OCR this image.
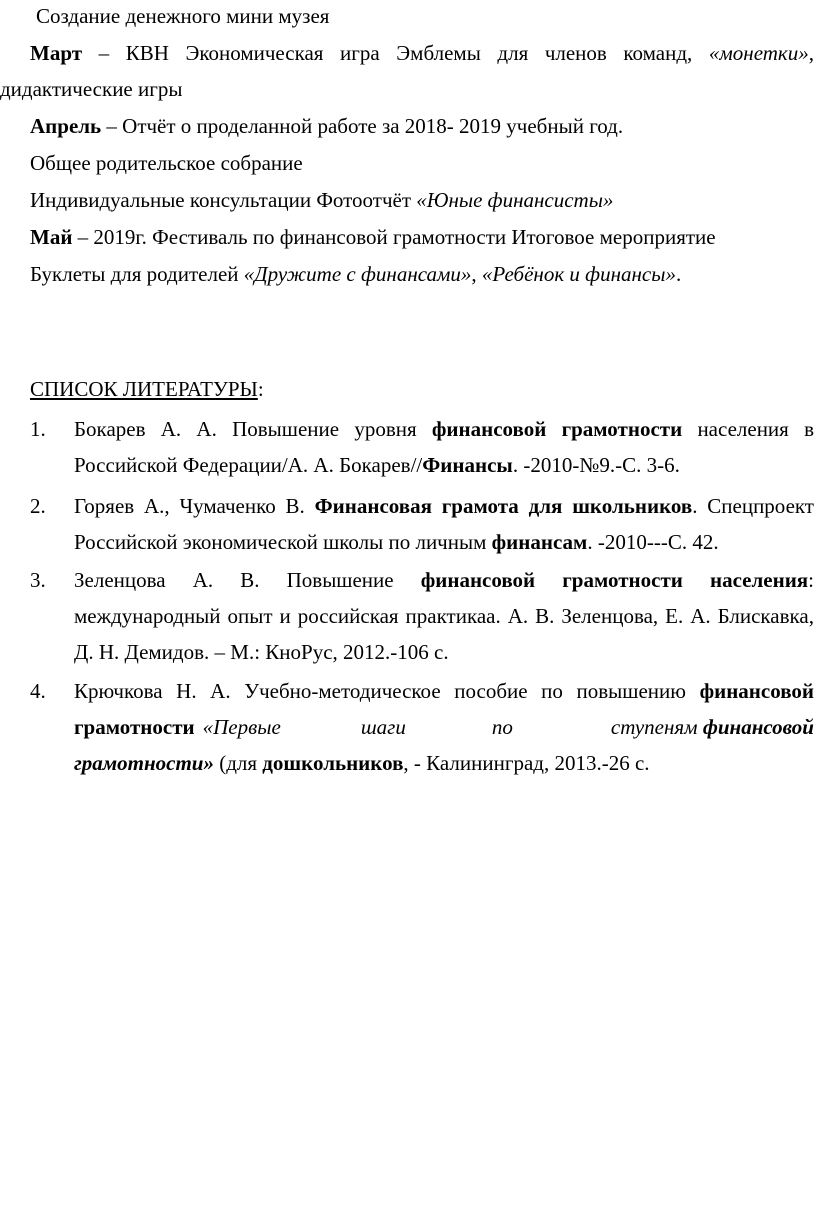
Создание денежного мини музея
Март – КВН Экономическая игра Эмблемы для членов команд, «монетки»,
дидактические игры
Апрель – Отчёт о проделанной работе за 2018- 2019 учебный год.
Общее родительское собрание
Индивидуальные консультации Фотоотчёт «Юные финансисты»
Май – 2019г. Фестиваль по финансовой грамотности Итоговое мероприятие
Буклеты для родителей «Дружите с финансами», «Ребёнок и финансы».
СПИСОК ЛИТЕРАТУРЫ:
1. Бокарев А. А. Повышение уровня финансовой грамотности населения в
Российской Федерации/А. А. Бокарев//Финансы. -2010-№9.-С. 3-6.
2. Горяев А., Чумаченко В. Финансовая грамота для школьников. Спецпроект
Российской экономической школы по личным финансам. -2010---С. 42.
3. Зеленцова А. В. Повышение финансовой грамотности населения:
международный опыт и российская практикаа. А. В. Зеленцова, Е. А. Блискавка,
Д. Н. Демидов. – М.: КноРус, 2012.-106 с.
4. Крючкова Н. А. Учебно-методическое пособие по повышению финансовой
грамотности «Первые	шаги	по	ступеням финансовой
грамотности» (для дошкольников, - Калининград, 2013.-26 с.
